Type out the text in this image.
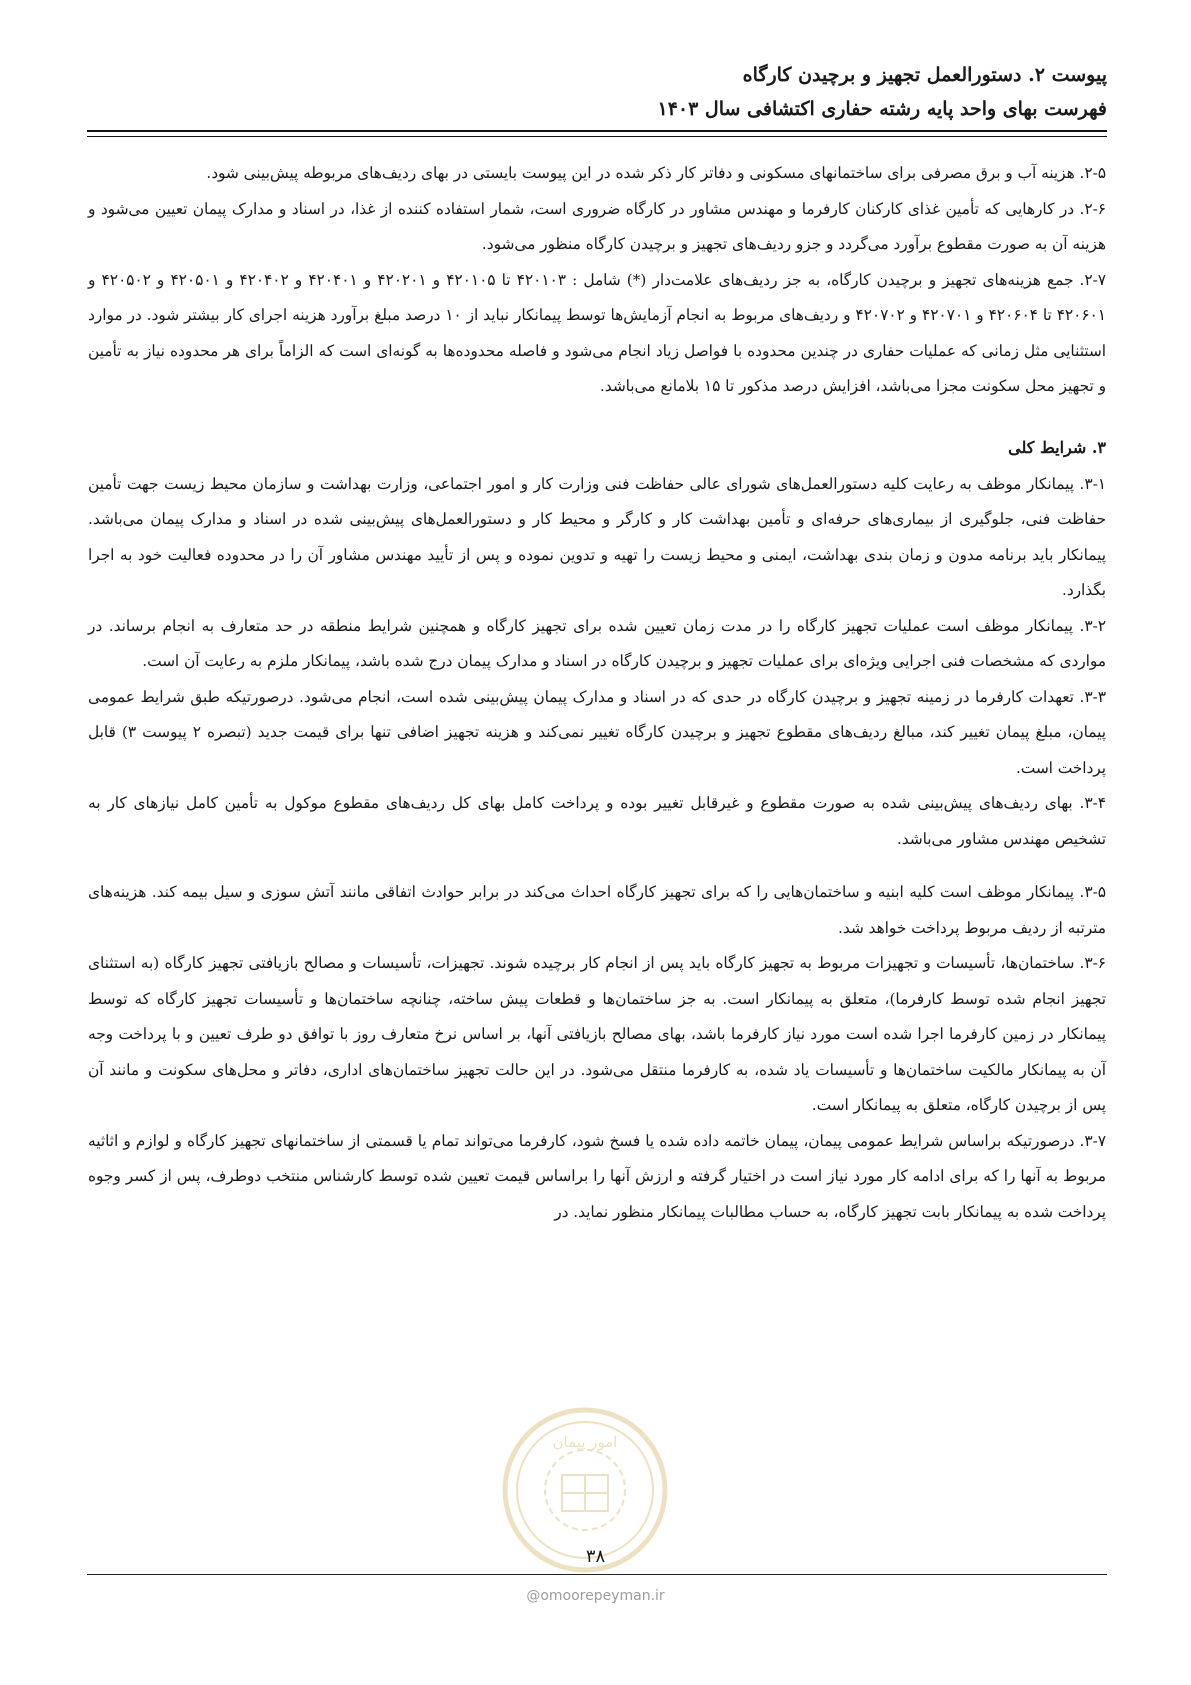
پیوست ۲. دستورالعمل تجهیز و برچیدن کارگاه
فهرست بهای واحد پایه رشته حفاری اکتشافی سال ۱۴۰۳

۲-۵. هزینه آب و برق مصرفی برای ساختمانهای مسکونی و دفاتر کار ذکر شده در این پیوست بایستی در بهای ردیف‌های مربوطه پیش‌بینی شود.

۲-۶. در کارهایی که تأمین غذای کارکنان کارفرما و مهندس مشاور در کارگاه ضروری است، شمار استفاده کننده از غذا، در اسناد و مدارک پیمان تعیین می‌شود و هزینه آن به صورت مقطوع برآورد می‌گردد و جزو ردیف‌های تجهیز و برچیدن کارگاه منظور می‌شود.

۲-۷. جمع هزینه‌های تجهیز و برچیدن کارگاه، به جز ردیف‌های علامت‌دار (*) شامل : ۴۲۰۱۰۳ تا ۴۲۰۱۰۵ و ۴۲۰۲۰۱ و ۴۲۰۴۰۱ و ۴۲۰۴۰۲ و ۴۲۰۵۰۱ و ۴۲۰۵۰۲ و ۴۲۰۶۰۱ تا ۴۲۰۶۰۴ و ۴۲۰۷۰۱ و ۴۲۰۷۰۲ و ردیف‌های مربوط به انجام آزمایش‌ها توسط پیمانکار نباید از ۱۰ درصد مبلغ برآورد هزینه اجرای کار بیشتر شود. در موارد استثنایی مثل زمانی که عملیات حفاری در چندین محدوده با فواصل زیاد انجام می‌شود و فاصله محدوده‌ها به گونه‌ای است که الزاماً برای هر محدوده نیاز به تأمین و تجهیز محل سکونت مجزا می‌باشد، افزایش درصد مذکور تا ۱۵ بلامانع می‌باشد.

۳. شرایط کلی

۳-۱. پیمانکار موظف به رعایت کلیه دستورالعمل‌های شورای عالی حفاظت فنی وزارت کار و امور اجتماعی، وزارت بهداشت و سازمان محیط زیست جهت تأمین حفاظت فنی، جلوگیری از بیماری‌های حرفه‌ای و تأمین بهداشت کار و کارگر و محیط کار و دستورالعمل‌های پیش‌بینی شده در اسناد و مدارک پیمان می‌باشد. پیمانکار باید برنامه مدون و زمان بندی بهداشت، ایمنی و محیط زیست را تهیه و تدوین نموده و پس از تأیید مهندس مشاور آن را در محدوده فعالیت خود به اجرا بگذارد.

۳-۲. پیمانکار موظف است عملیات تجهیز کارگاه را در مدت زمان تعیین شده برای تجهیز کارگاه و همچنین شرایط منطقه در حد متعارف به انجام برساند. در مواردی که مشخصات فنی اجرایی ویژه‌ای برای عملیات تجهیز و برچیدن کارگاه در اسناد و مدارک پیمان درج شده باشد، پیمانکار ملزم به رعایت آن است.

۳-۳. تعهدات کارفرما در زمینه تجهیز و برچیدن کارگاه در حدی که در اسناد و مدارک پیمان پیش‌بینی شده است، انجام می‌شود. درصورتیکه طبق شرایط عمومی پیمان، مبلغ پیمان تغییر کند، مبالغ ردیف‌های مقطوع تجهیز و برچیدن کارگاه تغییر نمی‌کند و هزینه تجهیز اضافی تنها برای قیمت جدید (تبصره ۲ پیوست ۳) قابل پرداخت است.

۳-۴. بهای ردیف‌های پیش‌بینی شده به صورت مقطوع و غیرقابل تغییر بوده و پرداخت کامل بهای کل ردیف‌های مقطوع موکول به تأمین کامل نیازهای کار به تشخیص مهندس مشاور می‌باشد.

۳-۵. پیمانکار موظف است کلیه ابنیه و ساختمان‌هایی را که برای تجهیز کارگاه احداث می‌کند در برابر حوادث اتفاقی مانند آتش سوزی و سیل بیمه کند. هزینه‌های مترتبه از ردیف مربوط پرداخت خواهد شد.

۳-۶. ساختمان‌ها، تأسیسات و تجهیزات مربوط به تجهیز کارگاه باید پس از انجام کار برچیده شوند. تجهیزات، تأسیسات و مصالح بازیافتی تجهیز کارگاه (به استثنای تجهیز انجام شده توسط کارفرما)، متعلق به پیمانکار است. به جز ساختمان‌ها و قطعات پیش ساخته، چنانچه ساختمان‌ها و تأسیسات تجهیز کارگاه که توسط پیمانکار در زمین کارفرما اجرا شده است مورد نیاز کارفرما باشد، بهای مصالح بازیافتی آنها، بر اساس نرخ متعارف روز با توافق دو طرف تعیین و با پرداخت وجه آن به پیمانکار مالکیت ساختمان‌ها و تأسیسات یاد شده، به کارفرما منتقل می‌شود. در این حالت تجهیز ساختمان‌های اداری، دفاتر و محل‌های سکونت و مانند آن پس از برچیدن کارگاه، متعلق به پیمانکار است.

۳-۷. درصورتیکه براساس شرایط عمومی پیمان، پیمان خاتمه داده شده یا فسخ شود، کارفرما می‌تواند تمام یا قسمتی از ساختمانهای تجهیز کارگاه و لوازم و اثاثیه مربوط به آنها را که برای ادامه کار مورد نیاز است در اختیار گرفته و ارزش آنها را براساس قیمت تعیین شده توسط کارشناس منتخب دوطرف، پس از کسر وجوه پرداخت شده به پیمانکار بابت تجهیز کارگاه، به حساب مطالبات پیمانکار منظور نماید. در

امور پیمان
۳۸
@omoorepeyman.ir
